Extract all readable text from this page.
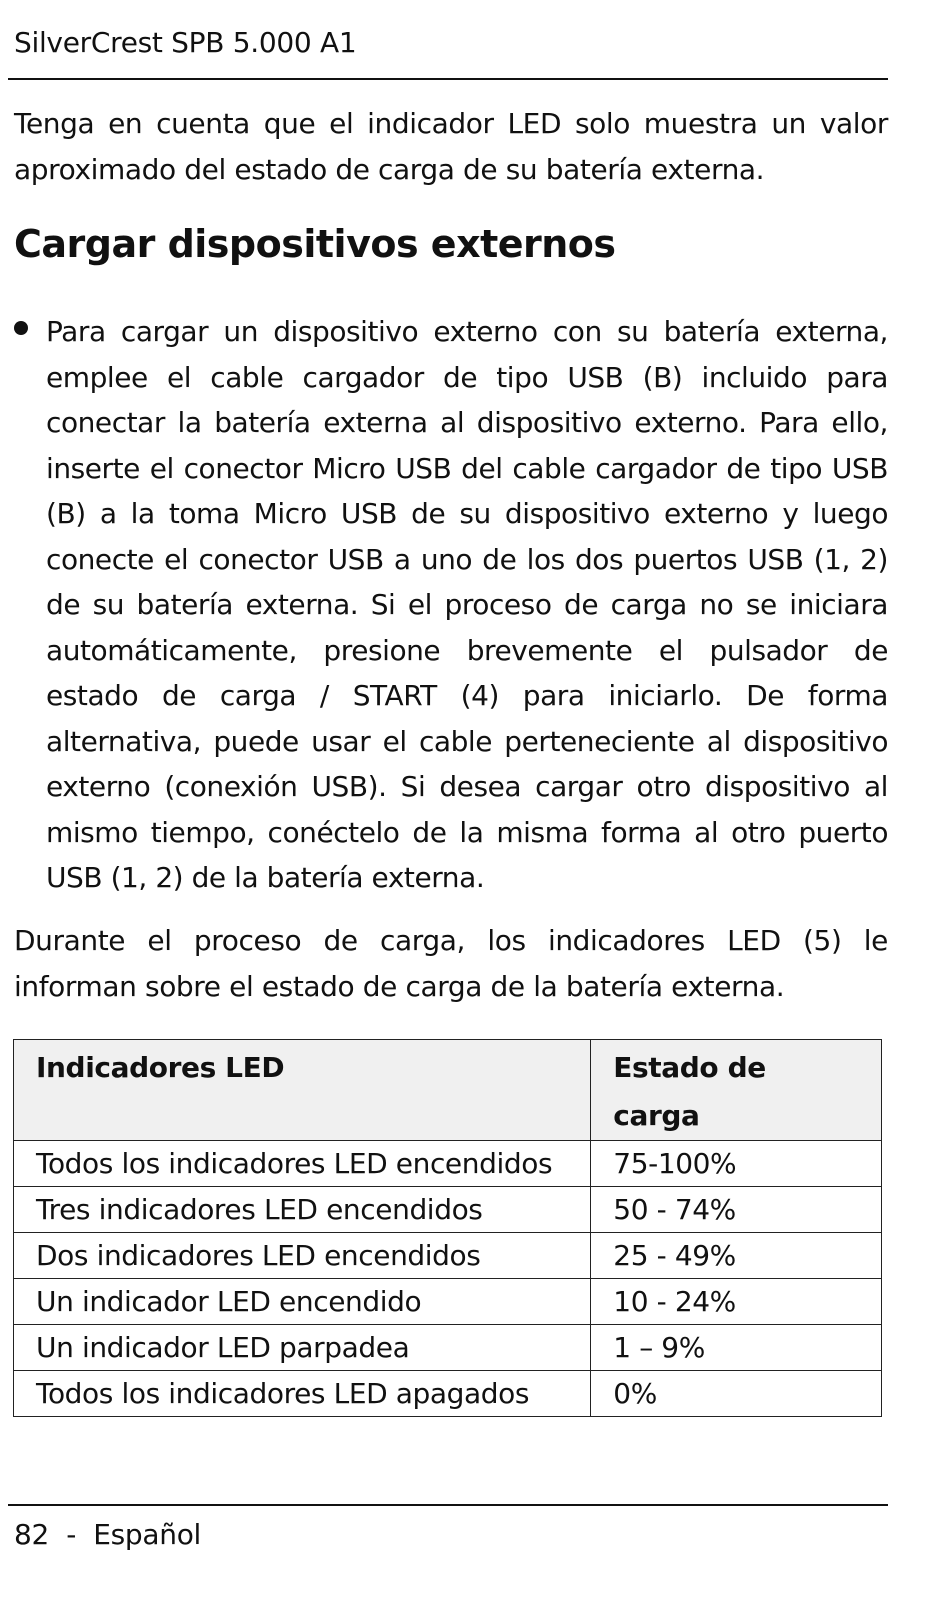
SilverCrest SPB 5.000 A1

Tenga en cuenta que el indicador LED solo muestra un valor aproximado del estado de carga de su batería externa.

Cargar dispositivos externos

Para cargar un dispositivo externo con su batería externa, emplee el cable cargador de tipo USB (B) incluido para conectar la batería externa al dispositivo externo. Para ello, inserte el conector Micro USB del cable cargador de tipo USB (B) a la toma Micro USB de su dispositivo externo y luego conecte el conector USB a uno de los dos puertos USB (1, 2) de su batería externa. Si el proceso de carga no se iniciara automáticamente, presione brevemente el pulsador de estado de carga / START (4) para iniciarlo. De forma alternativa, puede usar el cable perteneciente al dispositivo externo (conexión USB). Si desea cargar otro dispositivo al mismo tiempo, conéctelo de la misma forma al otro puerto USB (1, 2) de la batería externa.

Durante el proceso de carga, los indicadores LED (5) le informan sobre el estado de carga de la batería externa.

Indicadores LED	Estado de carga
Todos los indicadores LED encendidos	75-100%
Tres indicadores LED encendidos	50 - 74%
Dos indicadores LED encendidos	25 - 49%
Un indicador LED encendido	10 - 24%
Un indicador LED parpadea	1 – 9%
Todos los indicadores LED apagados	0%
82 - Español
